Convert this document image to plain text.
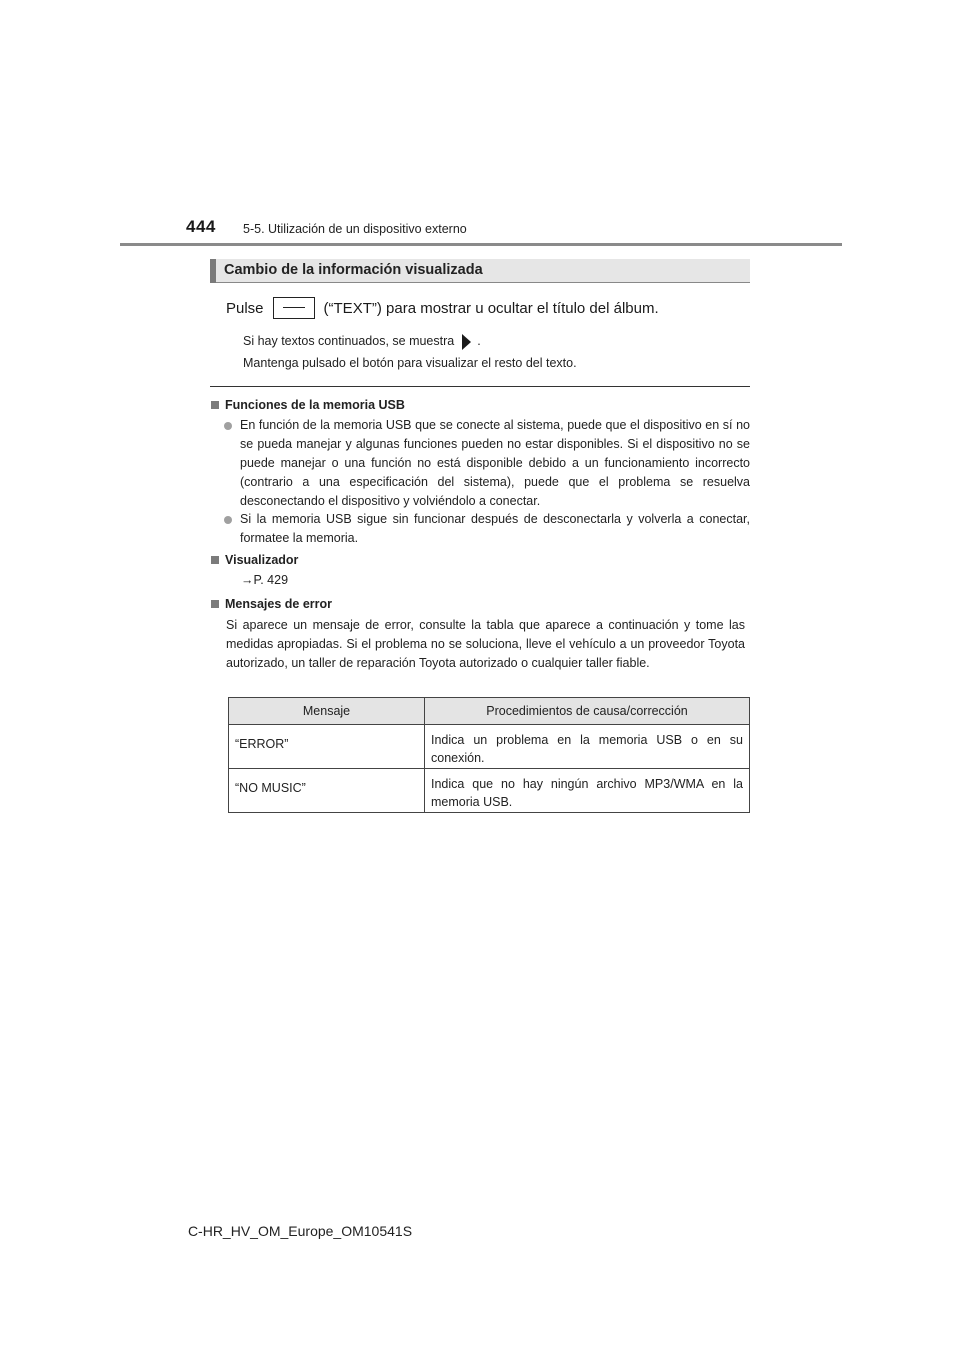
444 5-5. Utilización de un dispositivo externo
Cambio de la información visualizada
Pulse	(“TEXT”) para mostrar u ocultar el título del álbum.
Si hay textos continuados, se muestra .
Mantenga pulsado el botón para visualizar el resto del texto.
Funciones de la memoria USB
En función de la memoria USB que se conecte al sistema, puede que el dispositivo en sí no se pueda manejar y algunas funciones pueden no estar disponibles. Si el dispositivo no se puede manejar o una función no está disponible debido a un funcionamiento incorrecto (contrario a una especificación del sistema), puede que el problema se resuelva desconectando el dispositivo y volviéndolo a conectar.
Si la memoria USB sigue sin funcionar después de desconectarla y volverla a conectar, formatee la memoria.
Visualizador
→P. 429
Mensajes de error
Si aparece un mensaje de error, consulte la tabla que aparece a continuación y tome las medidas apropiadas. Si el problema no se soluciona, lleve el vehículo a un proveedor Toyota autorizado, un taller de reparación Toyota autorizado o cualquier taller fiable.
Mensaje	Procedimientos de causa/corrección
“ERROR”	Indica un problema en la memoria USB o en su conexión.
“NO MUSIC”	Indica que no hay ningún archivo MP3/WMA en la memoria USB.
C-HR_HV_OM_Europe_OM10541S
